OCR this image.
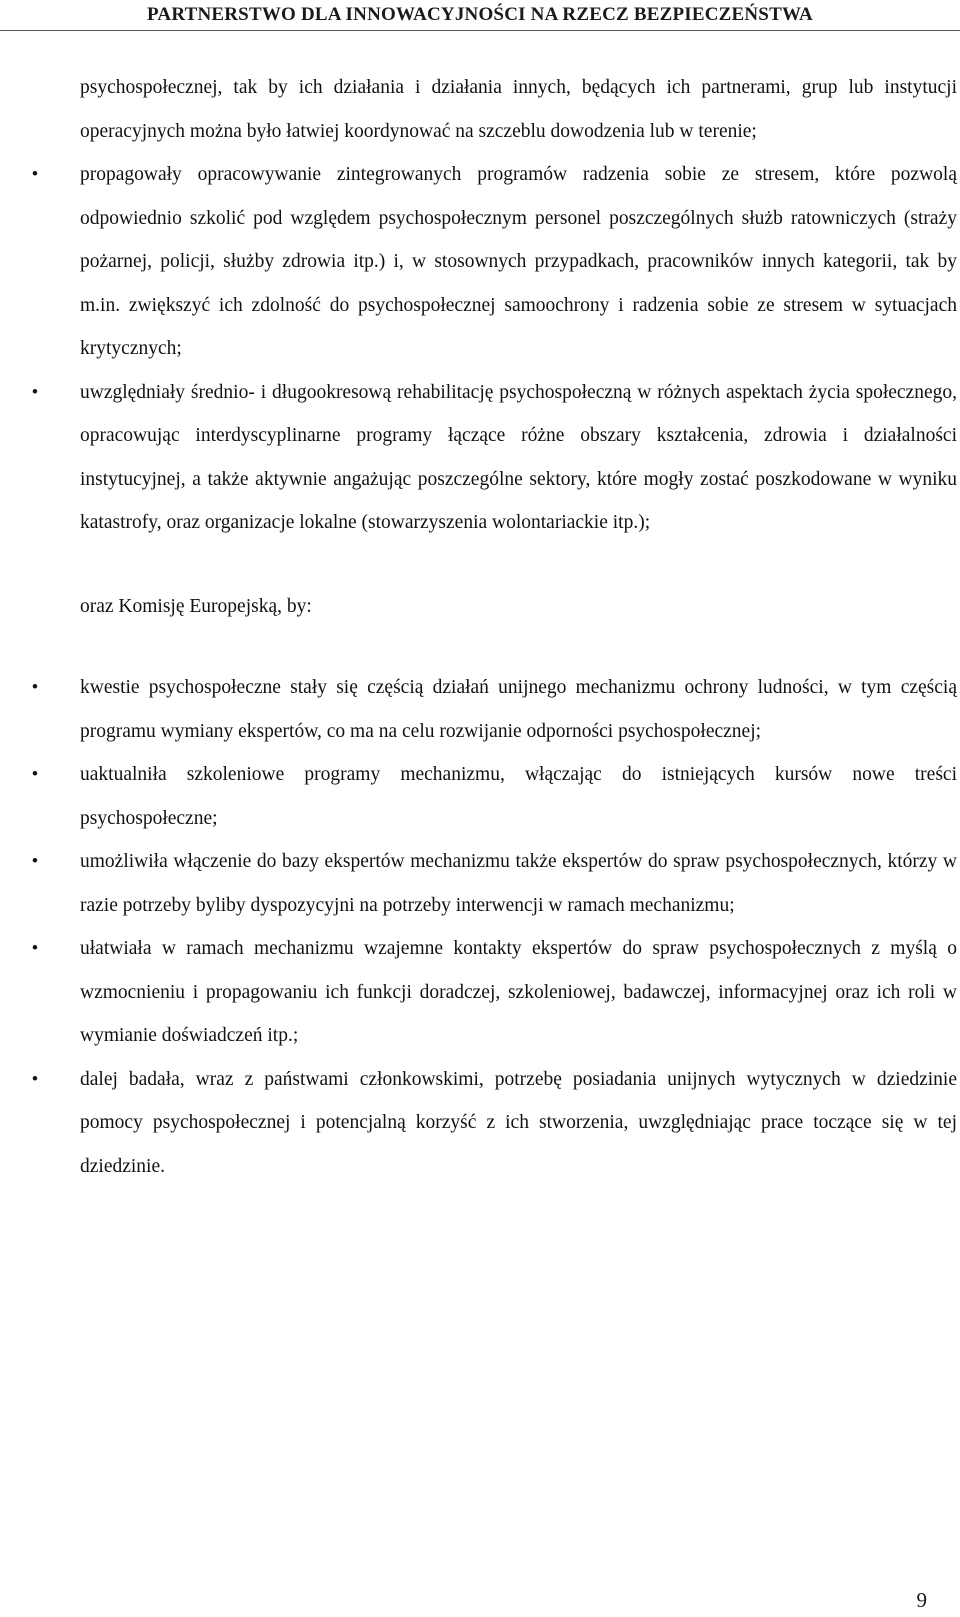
PARTNERSTWO DLA INNOWACYJNOŚCI NA RZECZ BEZPIECZEŃSTWA
psychospołecznej, tak by ich działania i działania innych, będących ich partnerami, grup lub instytucji operacyjnych można było łatwiej koordynować na szczeblu dowodzenia lub w terenie;
• propagowały opracowywanie zintegrowanych programów radzenia sobie ze stresem, które pozwolą odpowiednio szkolić pod względem psychospołecznym personel poszczególnych służb ratowniczych (straży pożarnej, policji, służby zdrowia itp.) i, w stosownych przypadkach, pracowników innych kategorii, tak by m.in. zwiększyć ich zdolność do psychospołecznej samoochrony i radzenia sobie ze stresem w sytuacjach krytycznych;
• uwzględniały średnio- i długookresową rehabilitację psychospołeczną w różnych aspektach życia społecznego, opracowując interdyscyplinarne programy łączące różne obszary kształcenia, zdrowia i działalności instytucyjnej, a także aktywnie angażując poszczególne sektory, które mogły zostać poszkodowane w wyniku katastrofy, oraz organizacje lokalne (stowarzyszenia wolontariackie itp.);
oraz Komisję Europejską, by:
• kwestie psychospołeczne stały się częścią działań unijnego mechanizmu ochrony ludności, w tym częścią programu wymiany ekspertów, co ma na celu rozwijanie odporności psychospołecznej;
• uaktualniła szkoleniowe programy mechanizmu, włączając do istniejących kursów nowe treści psychospołeczne;
• umożliwiła włączenie do bazy ekspertów mechanizmu także ekspertów do spraw psychospołecznych, którzy w razie potrzeby byliby dyspozycyjni na potrzeby interwencji w ramach mechanizmu;
• ułatwiała w ramach mechanizmu wzajemne kontakty ekspertów do spraw psychospołecznych z myślą o wzmocnieniu i propagowaniu ich funkcji doradczej, szkoleniowej, badawczej, informacyjnej oraz ich roli w wymianie doświadczeń itp.;
• dalej badała, wraz z państwami członkowskimi, potrzebę posiadania unijnych wytycznych w dziedzinie pomocy psychospołecznej i potencjalną korzyść z ich stworzenia, uwzględniając prace toczące się w tej dziedzinie.
9
